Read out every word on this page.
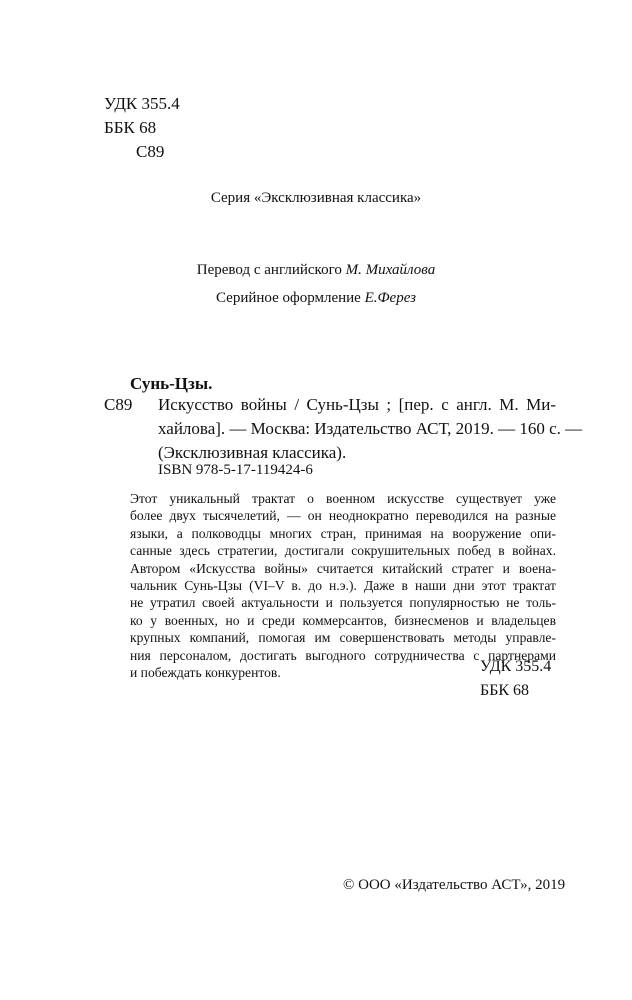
УДК 355.4
ББК 68
С89
Серия «Эксклюзивная классика»
Перевод с английского М. Михайлова
Серийное оформление Е.Ферез
Сунь-Цзы.
С89 Искусство войны / Сунь-Цзы ; [пер. с англ. М. Ми-
хайлова]. — Москва: Издательство АСТ, 2019. — 160 с. —
(Эксклюзивная классика).
ISBN 978-5-17-119424-6
Этот уникальный трактат о военном искусстве существует уже
более двух тысячелетий, — он неоднократно переводился на разные
языки, а полководцы многих стран, принимая на вооружение опи-
санные здесь стратегии, достигали сокрушительных побед в войнах.
Автором «Искусства войны» считается китайский стратег и воена-
чальник Сунь-Цзы (VI–V в. до н.э.). Даже в наши дни этот трактат
не утратил своей актуальности и пользуется популярностью не толь-
ко у военных, но и среди коммерсантов, бизнесменов и владельцев
крупных компаний, помогая им совершенствовать методы управле-
ния персоналом, достигать выгодного сотрудничества с партнерами
и побеждать конкурентов.	УДК 355.4
ББК 68
© ООО «Издательство АСТ», 2019
